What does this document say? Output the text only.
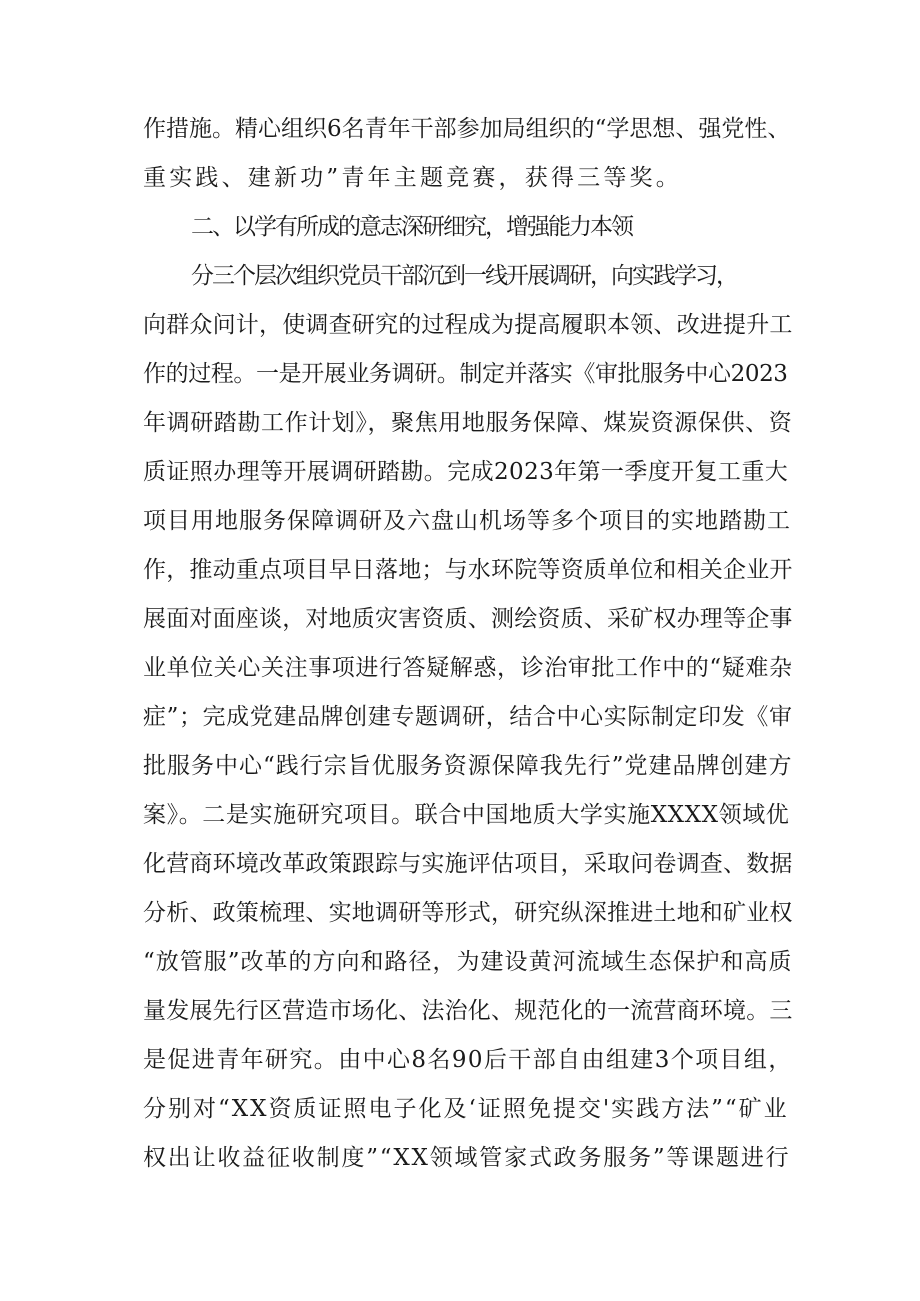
作措施。精心组织6名青年干部参加局组织的“学思想、强党性、
重实践、建新功”青年主题竞赛，获得三等奖。
二、以学有所成的意志深研细究，增强能力本领
分三个层次组织党员干部沉到一线开展调研，向实践学习，
向群众问计，使调查研究的过程成为提高履职本领、改进提升工
作的过程。一是开展业务调研。制定并落实《审批服务中心2023
年调研踏勘工作计划》，聚焦用地服务保障、煤炭资源保供、资
质证照办理等开展调研踏勘。完成2023年第一季度开复工重大
项目用地服务保障调研及六盘山机场等多个项目的实地踏勘工
作，推动重点项目早日落地；与水环院等资质单位和相关企业开
展面对面座谈，对地质灾害资质、测绘资质、采矿权办理等企事
业单位关心关注事项进行答疑解惑，诊治审批工作中的“疑难杂
症”；完成党建品牌创建专题调研，结合中心实际制定印发《审
批服务中心“践行宗旨优服务资源保障我先行”党建品牌创建方
案》。二是实施研究项目。联合中国地质大学实施XXXX领域优
化营商环境改革政策跟踪与实施评估项目，采取问卷调查、数据
分析、政策梳理、实地调研等形式，研究纵深推进土地和矿业权
“放管服”改革的方向和路径，为建设黄河流域生态保护和高质
量发展先行区营造市场化、法治化、规范化的一流营商环境。三
是促进青年研究。由中心8名90后干部自由组建3个项目组，
分别对“XX资质证照电子化及‘证照免提交'实践方法”“矿业
权出让收益征收制度”“XX领域管家式政务服务”等课题进行
